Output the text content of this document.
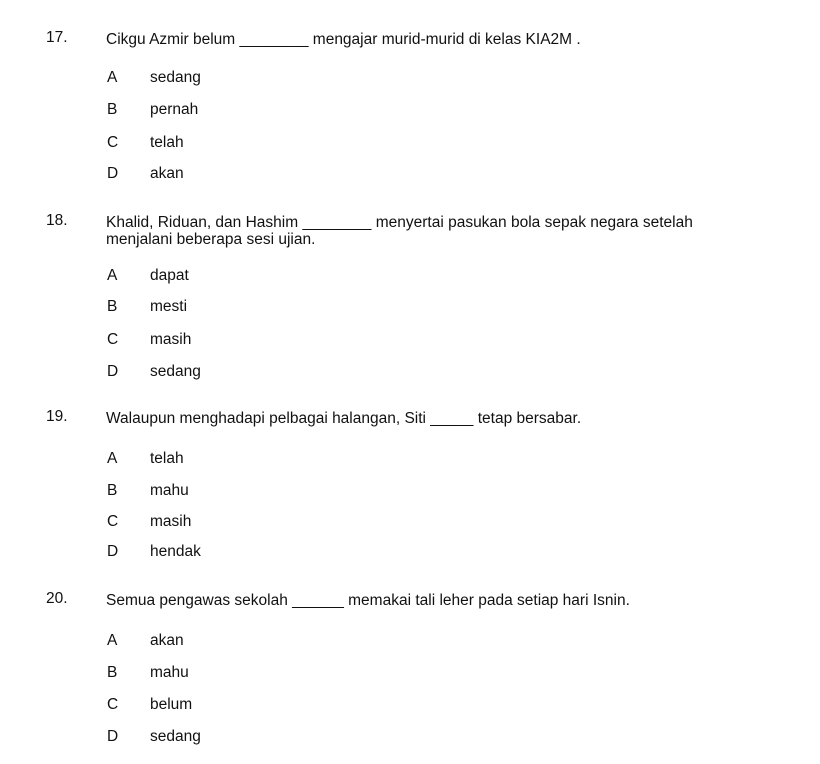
17. Cikgu Azmir belum ________ mengajar murid-murid di kelas KIA2M .
A sedang
B pernah
C telah
D akan
18. Khalid, Riduan, dan Hashim ________ menyertai pasukan bola sepak negara setelah menjalani beberapa sesi ujian.
A dapat
B mesti
C masih
D sedang
19. Walaupun menghadapi pelbagai halangan, Siti _____ tetap bersabar.
A telah
B mahu
C masih
D hendak
20. Semua pengawas sekolah ______ memakai tali leher pada setiap hari Isnin.
A akan
B mahu
C belum
D sedang
